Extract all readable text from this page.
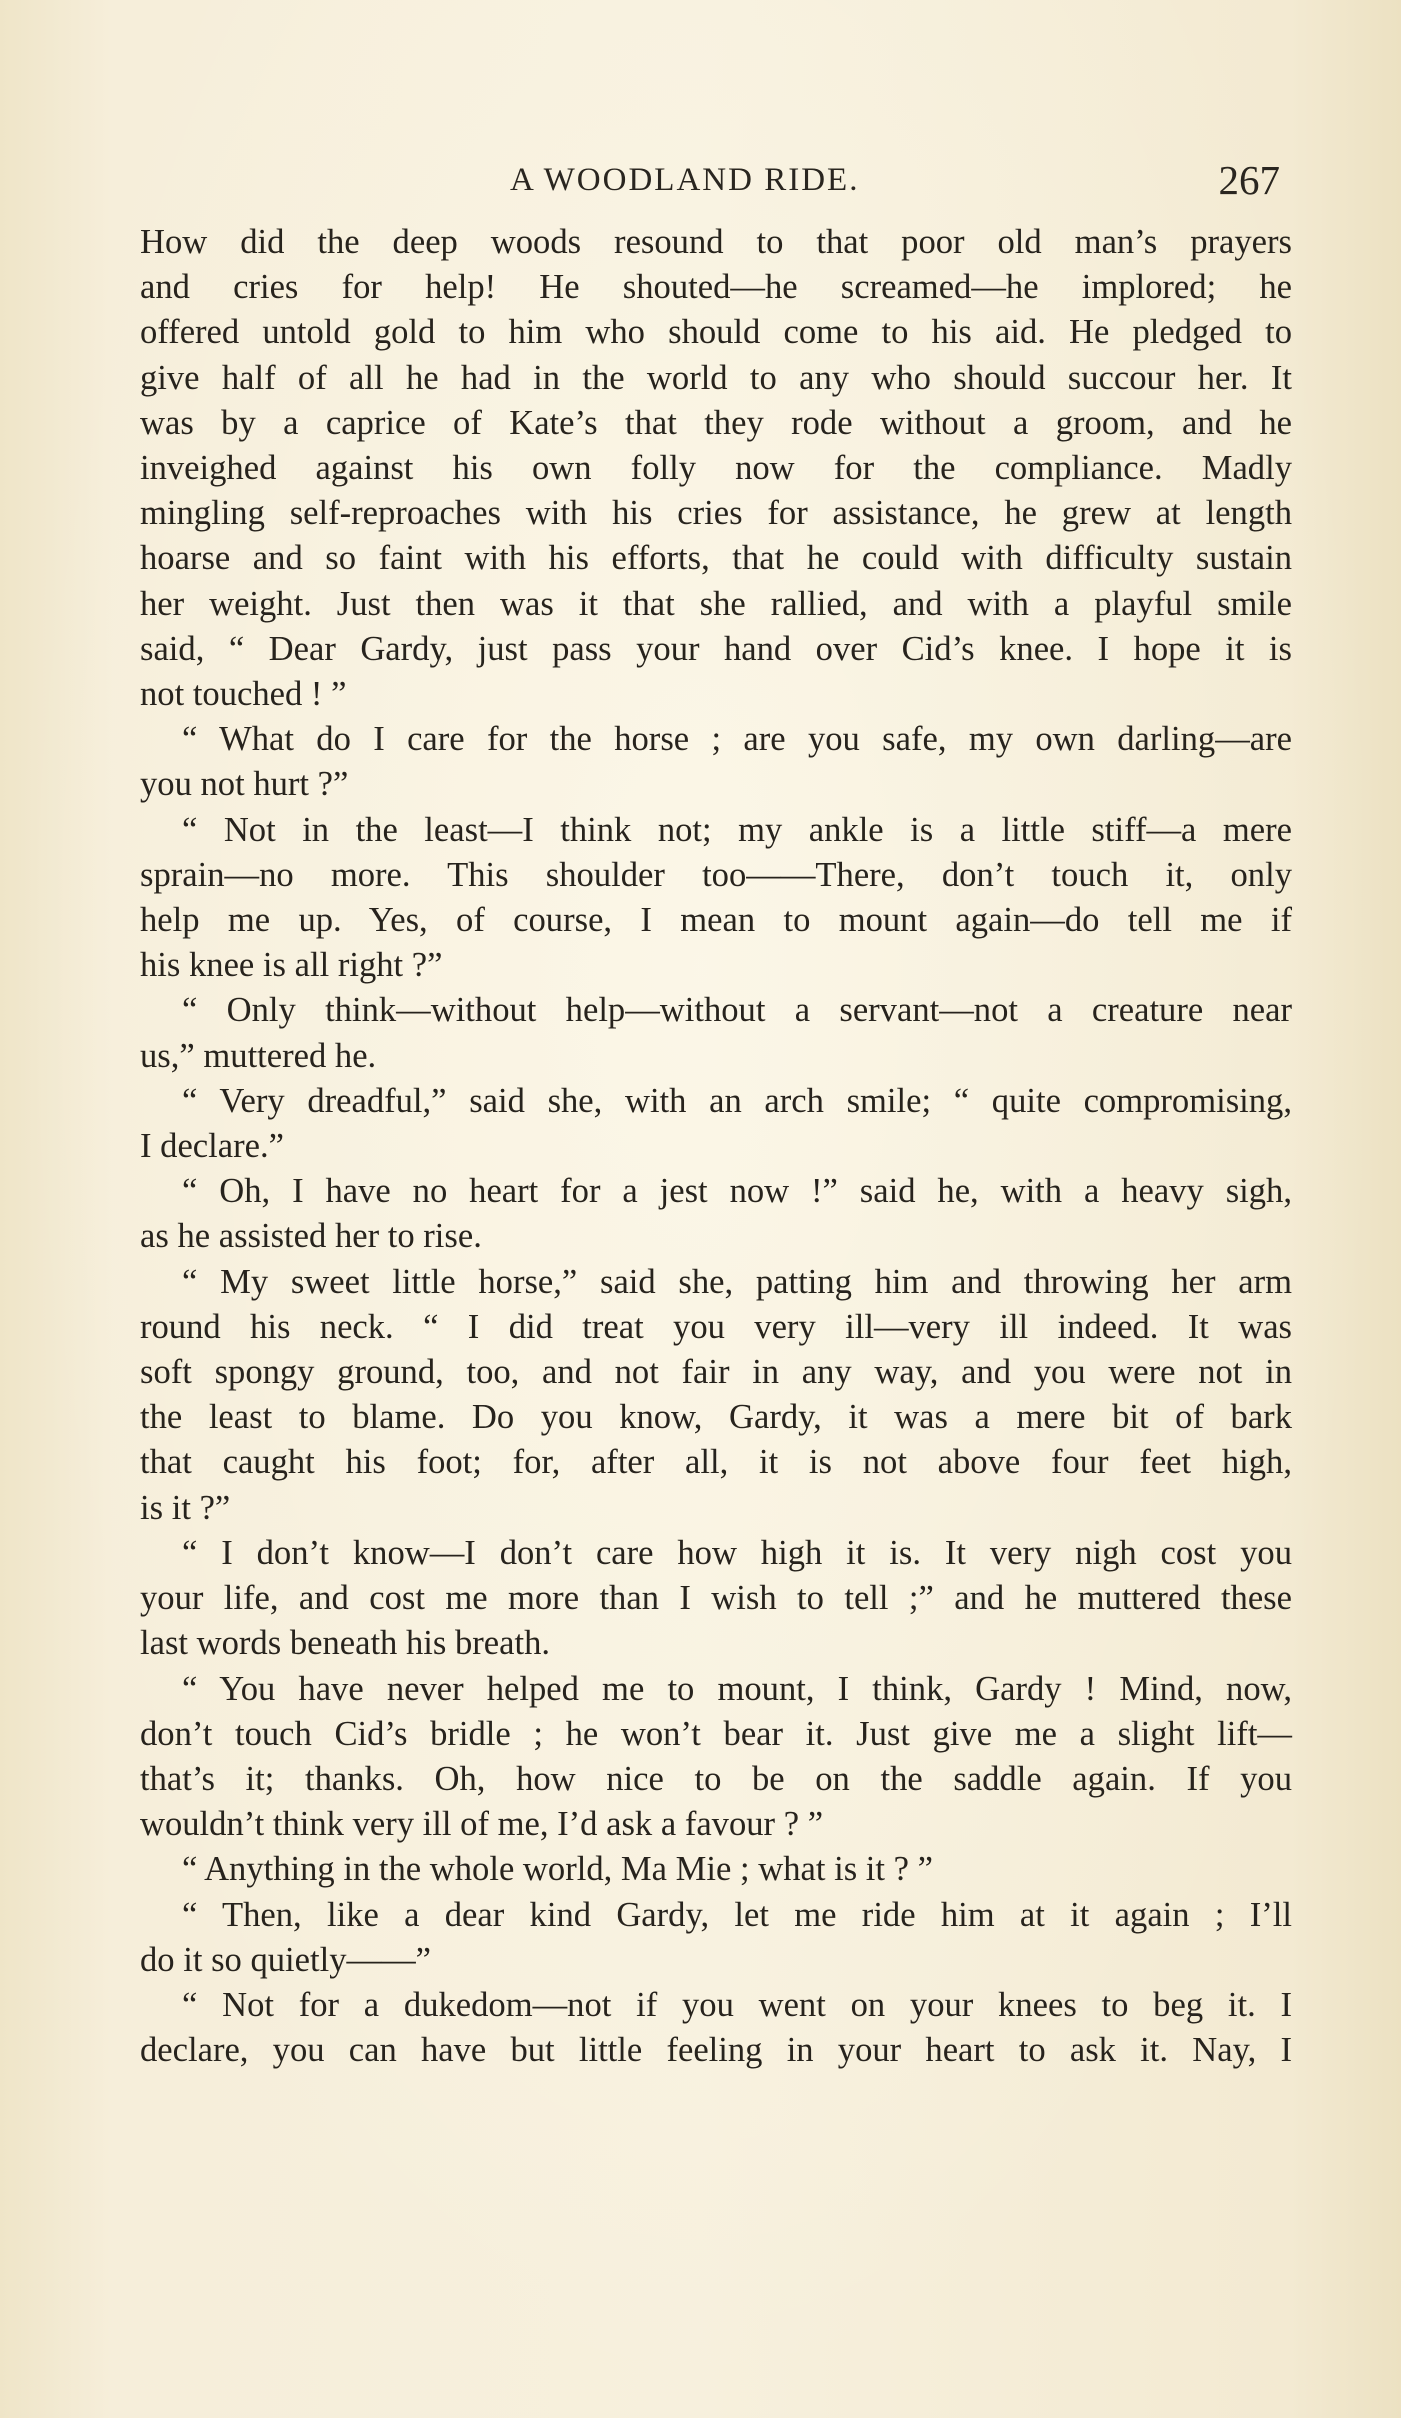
A WOODLAND RIDE.	267

How did the deep woods resound to that poor old man’s prayers
and cries for help! He shouted—he screamed—he implored; he
offered untold gold to him who should come to his aid. He pledged to
give half of all he had in the world to any who should succour her. It
was by a caprice of Kate’s that they rode without a groom, and he
inveighed against his own folly now for the compliance. Madly
mingling self-reproaches with his cries for assistance, he grew at length
hoarse and so faint with his efforts, that he could with difficulty sustain
her weight. Just then was it that she rallied, and with a playful smile
said, “ Dear Gardy, just pass your hand over Cid’s knee. I hope it is
not touched ! ”

“ What do I care for the horse ; are you safe, my own darling—are
you not hurt ?”

“ Not in the least—I think not; my ankle is a little stiff—a mere
sprain—no more. This shoulder too——There, don’t touch it, only
help me up. Yes, of course, I mean to mount again—do tell me if
his knee is all right ?”

“ Only think—without help—without a servant—not a creature near
us,” muttered he.

“ Very dreadful,” said she, with an arch smile; “ quite compromising,
I declare.”

“ Oh, I have no heart for a jest now !” said he, with a heavy sigh,
as he assisted her to rise.

“ My sweet little horse,” said she, patting him and throwing her arm
round his neck. “ I did treat you very ill—very ill indeed. It was
soft spongy ground, too, and not fair in any way, and you were not in
the least to blame. Do you know, Gardy, it was a mere bit of bark
that caught his foot; for, after all, it is not above four feet high,
is it ?”

“ I don’t know—I don’t care how high it is. It very nigh cost you
your life, and cost me more than I wish to tell ;” and he muttered these
last words beneath his breath.

“ You have never helped me to mount, I think, Gardy ! Mind, now,
don’t touch Cid’s bridle ; he won’t bear it. Just give me a slight lift—
that’s it; thanks. Oh, how nice to be on the saddle again. If you
wouldn’t think very ill of me, I’d ask a favour ? ”

“ Anything in the whole world, Ma Mie ; what is it ? ”

“ Then, like a dear kind Gardy, let me ride him at it again ; I’ll
do it so quietly——”

“ Not for a dukedom—not if you went on your knees to beg it. I
declare, you can have but little feeling in your heart to ask it. Nay, I
